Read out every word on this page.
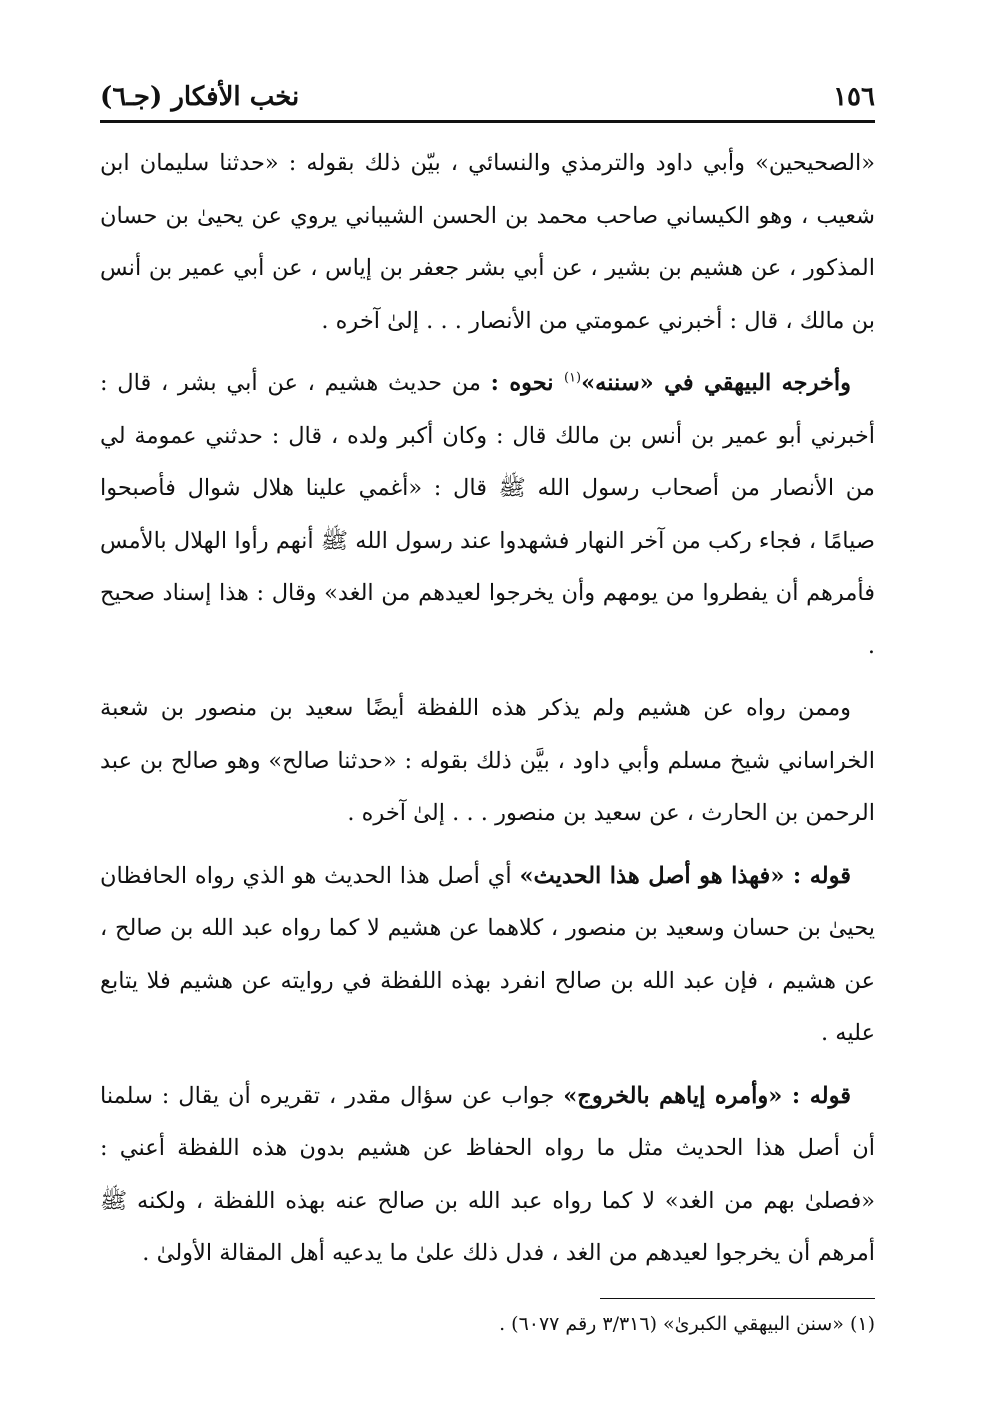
١٥٦
نخب الأفكار (جـ٦)

«الصحيحين» وأبي داود والترمذي والنسائي ، بيّن ذلك بقوله : «حدثنا سليمان ابن شعيب ، وهو الكيساني صاحب محمد بن الحسن الشيباني يروي عن يحيىٰ بن حسان المذكور ، عن هشيم بن بشير ، عن أبي بشر جعفر بن إياس ، عن أبي عمير بن أنس بن مالك ، قال : أخبرني عمومتي من الأنصار . . . إلىٰ آخره .

وأخرجه البيهقي في «سننه»$^{(١)}$ نحوه : من حديث هشيم ، عن أبي بشر ، قال : أخبرني أبو عمير بن أنس بن مالك قال : وكان أكبر ولده ، قال : حدثني عمومة لي من الأنصار من أصحاب رسول الله ﷺ قال : «أغمي علينا هلال شوال فأصبحوا صيامًا ، فجاء ركب من آخر النهار فشهدوا عند رسول الله ﷺ أنهم رأوا الهلال بالأمس فأمرهم أن يفطروا من يومهم وأن يخرجوا لعيدهم من الغد» وقال : هذا إسناد صحيح .

وممن رواه عن هشيم ولم يذكر هذه اللفظة أيضًا سعيد بن منصور بن شعبة الخراساني شيخ مسلم وأبي داود ، بيَّن ذلك بقوله : «حدثنا صالح» وهو صالح بن عبد الرحمن بن الحارث ، عن سعيد بن منصور . . . إلىٰ آخره .

قوله : «فهذا هو أصل هذا الحديث» أي أصل هذا الحديث هو الذي رواه الحافظان يحيىٰ بن حسان وسعيد بن منصور ، كلاهما عن هشيم لا كما رواه عبد الله بن صالح ، عن هشيم ، فإن عبد الله بن صالح انفرد بهذه اللفظة في روايته عن هشيم فلا يتابع عليه .

قوله : «وأمره إياهم بالخروج» جواب عن سؤال مقدر ، تقريره أن يقال : سلمنا أن أصل هذا الحديث مثل ما رواه الحفاظ عن هشيم بدون هذه اللفظة أعني : «فصلىٰ بهم من الغد» لا كما رواه عبد الله بن صالح عنه بهذه اللفظة ، ولكنه ﷺ أمرهم أن يخرجوا لعيدهم من الغد ، فدل ذلك علىٰ ما يدعيه أهل المقالة الأولىٰ .

(١) «سنن البيهقي الكبرىٰ» (٣/٣١٦ رقم ٦٠٧٧) .
